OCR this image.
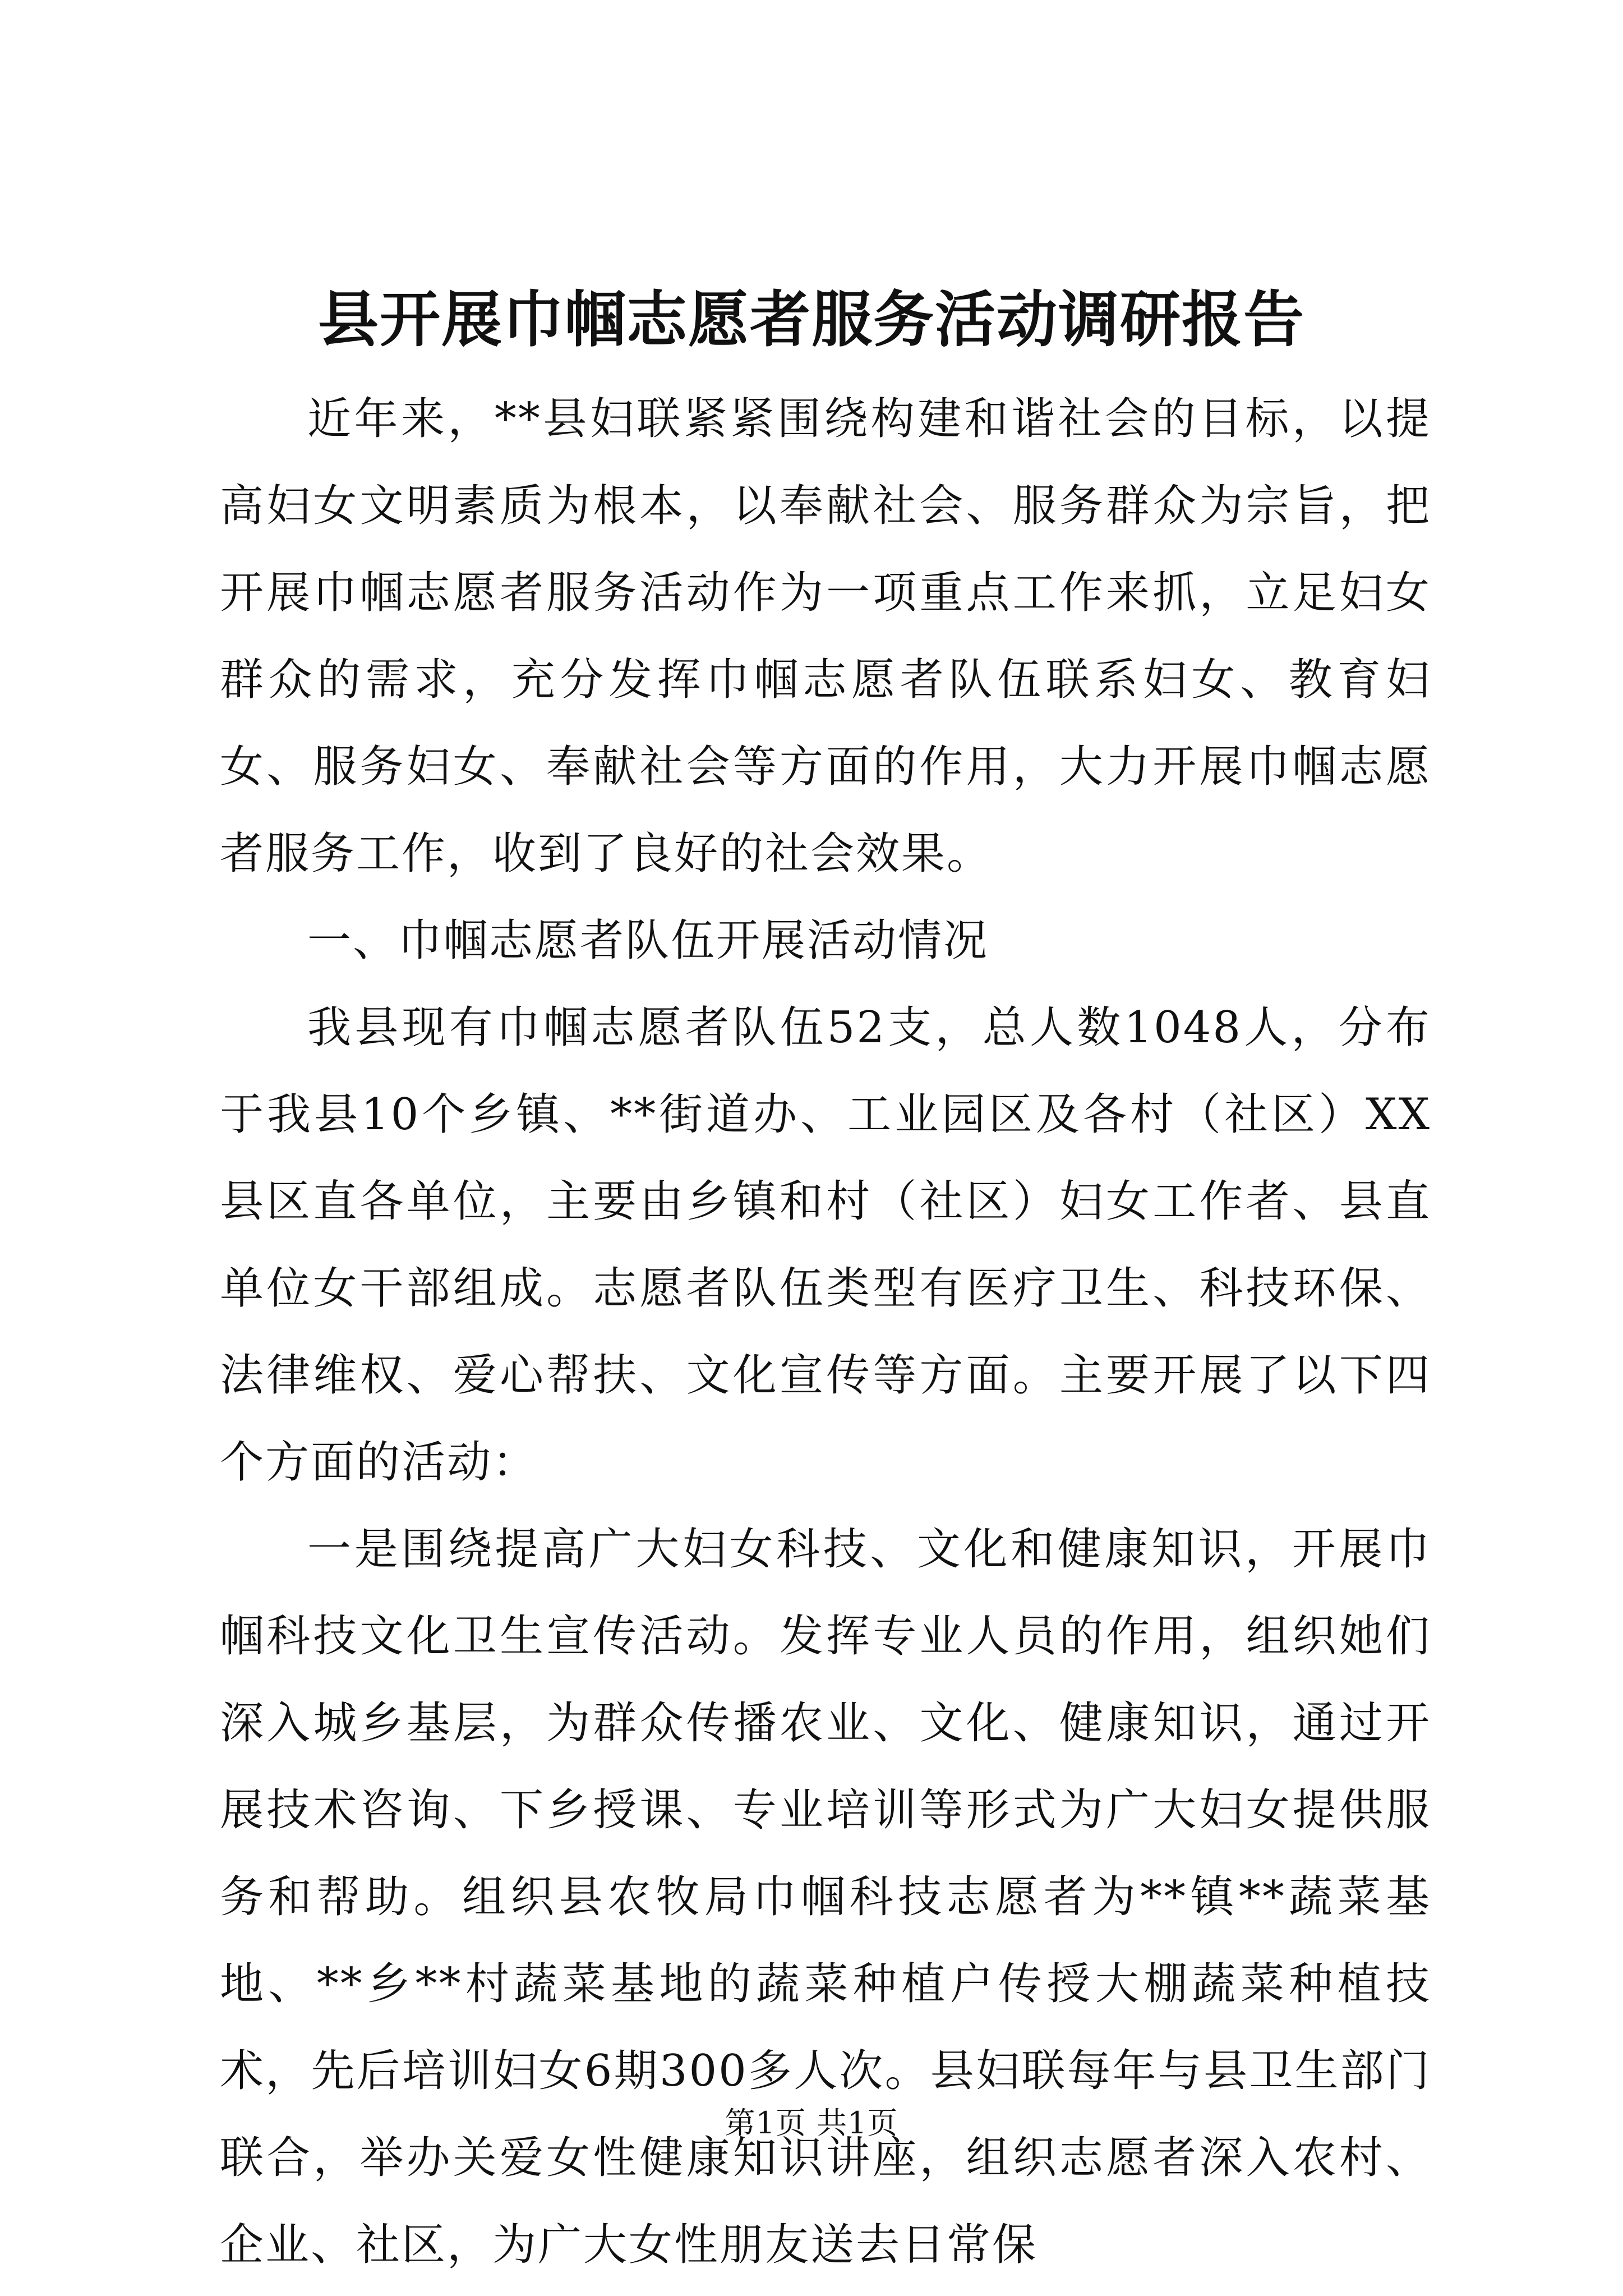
县开展巾帼志愿者服务活动调研报告

近年来，**县妇联紧紧围绕构建和谐社会的目标，以提高妇女文明素质为根本，以奉献社会、服务群众为宗旨，把开展巾帼志愿者服务活动作为一项重点工作来抓，立足妇女群众的需求，充分发挥巾帼志愿者队伍联系妇女、教育妇女、服务妇女、奉献社会等方面的作用，大力开展巾帼志愿者服务工作，收到了良好的社会效果。

一、巾帼志愿者队伍开展活动情况

我县现有巾帼志愿者队伍52支，总人数1048人，分布于我县10个乡镇、**街道办、工业园区及各村（社区）XX县区直各单位，主要由乡镇和村（社区）妇女工作者、县直单位女干部组成。志愿者队伍类型有医疗卫生、科技环保、法律维权、爱心帮扶、文化宣传等方面。主要开展了以下四个方面的活动：

一是围绕提高广大妇女科技、文化和健康知识，开展巾帼科技文化卫生宣传活动。发挥专业人员的作用，组织她们深入城乡基层，为群众传播农业、文化、健康知识，通过开展技术咨询、下乡授课、专业培训等形式为广大妇女提供服务和帮助。组织县农牧局巾帼科技志愿者为**镇**蔬菜基地、**乡**村蔬菜基地的蔬菜种植户传授大棚蔬菜种植技术，先后培训妇女6期300多人次。县妇联每年与县卫生部门联合，举办关爱女性健康知识讲座，组织志愿者深入农村、企业、社区，为广大女性朋友送去日常保

第1页 共1页
